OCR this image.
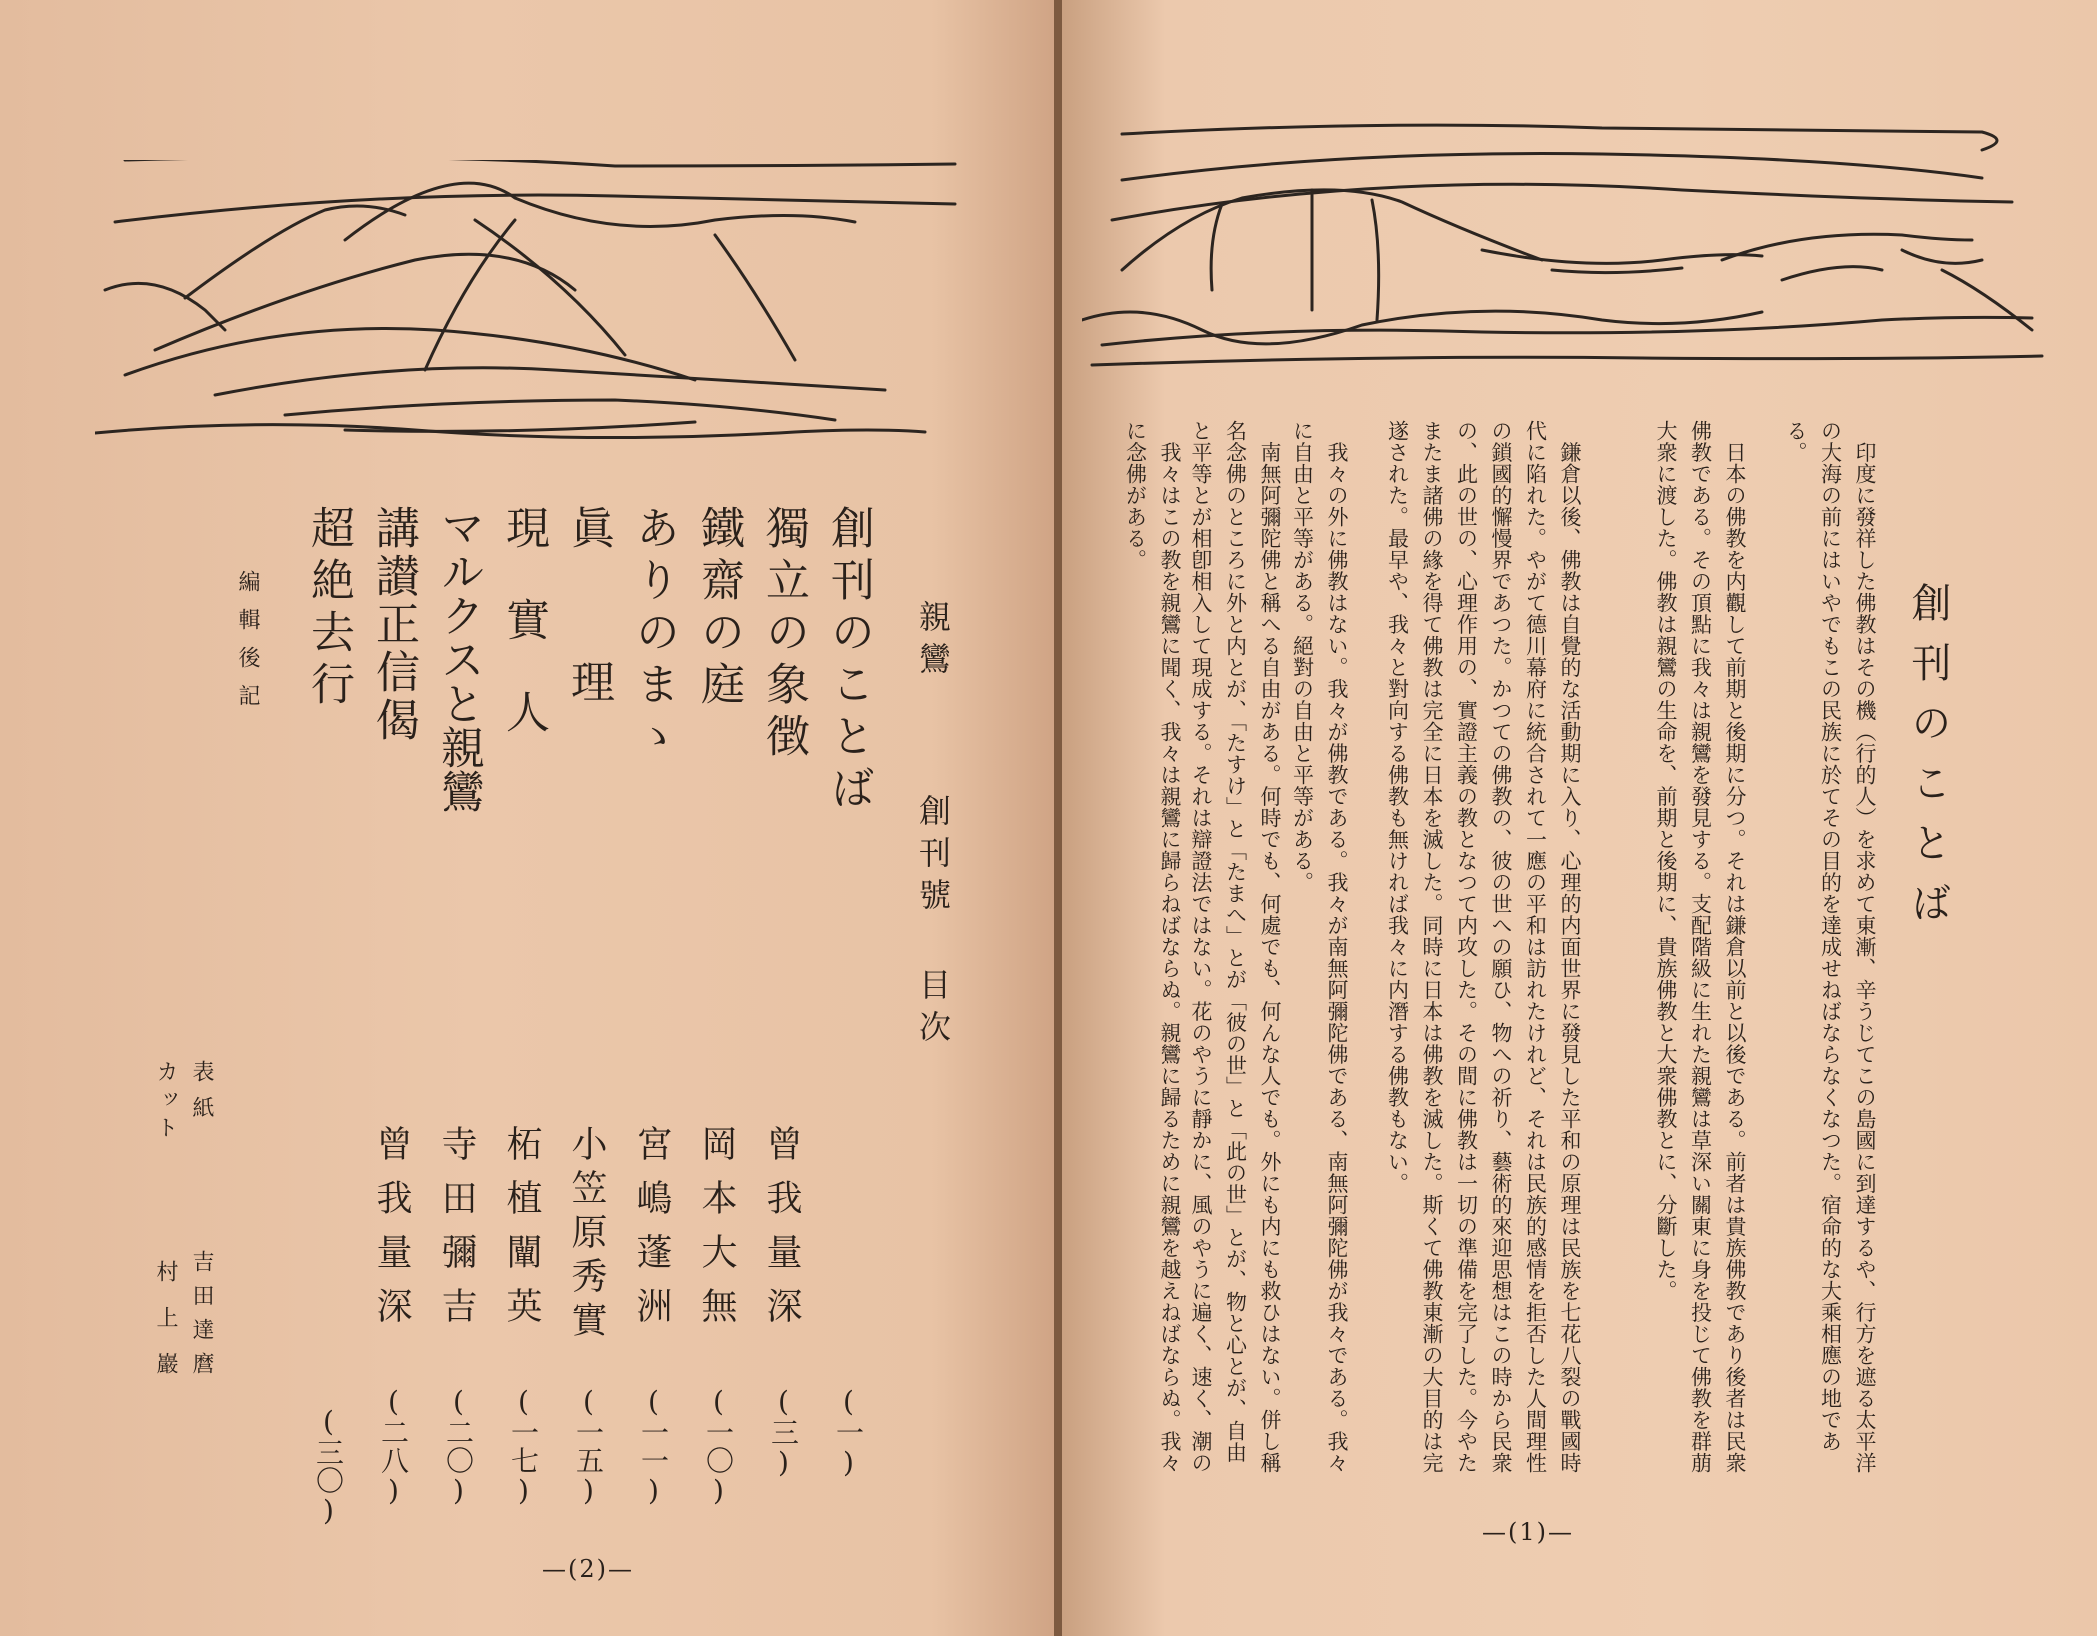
親鸞創刊號 目次
創刊のことば
(一)
獨立の象徴
曾我量深
(三)
鐵齋の庭
岡本大無
(一〇)
ありのまゝ
宮嶋蓬洲
(一一)
眞理
小笠原秀實
(一五)
現實人
柘植闡英
(一七)
マルクスと親鸞
寺田彌吉
(二〇)
講讃正信偈
曾我量深
(二八)
超絶去行
(三〇)
編輯後記
表紙
吉田達麿
カット
村上巖
—(2)—
創刊のことば
　印度に發祥した佛教はその機（行的人）を求めて東漸、辛うじてこの島國に到達するや、行方を遮る太平洋の大海の前にはいやでもこの民族に於てその目的を達成せねばならなくなつた。宿命的な大乘相應の地である。
　日本の佛教を内觀して前期と後期に分つ。それは鎌倉以前と以後である。前者は貴族佛教であり後者は民衆佛教である。その頂點に我々は親鸞を發見する。支配階級に生れた親鸞は草深い關東に身を投じて佛教を群萠大衆に渡した。佛教は親鸞の生命を、前期と後期に、貴族佛教と大衆佛教とに、分斷した。
　鎌倉以後、佛教は自覺的な活動期に入り、心理的内面世界に發見した平和の原理は民族を七花八裂の戰國時代に陷れた。やがて德川幕府に統合されて一應の平和は訪れたけれど、それは民族的感情を拒否した人間理性の鎖國的懈慢界であつた。かつての佛教の、彼の世への願ひ、物への祈り、藝術的來迎思想はこの時から民衆の、此の世の、心理作用の、實證主義の教となつて内攻した。その間に佛教は一切の準備を完了した。今やたまたま諸佛の緣を得て佛教は完全に日本を滅した。同時に日本は佛教を滅した。斯くて佛教東漸の大目的は完遂された。最早や、我々と對向する佛教も無ければ我々に内潛する佛教もない。
　我々の外に佛教はない。我々が佛教である。我々が南無阿彌陀佛である、南無阿彌陀佛が我々である。我々に自由と平等がある。絕對の自由と平等がある。
　南無阿彌陀佛と稱へる自由がある。何時でも、何處でも、何んな人でも。外にも内にも救ひはない。併し稱名念佛のところに外と内とが、「たすけ」と「たまへ」とが「彼の世」と「此の世」とが、物と心とが、自由と平等とが相卽相入して現成する。それは辯證法ではない。花のやうに靜かに、風のやうに遍く、速く、潮の
　我々はこの教を親鸞に聞く、我々は親鸞に歸らねばならぬ。親鸞に歸るために親鸞を越えねばならぬ。我々に念佛がある。
—(1)—
